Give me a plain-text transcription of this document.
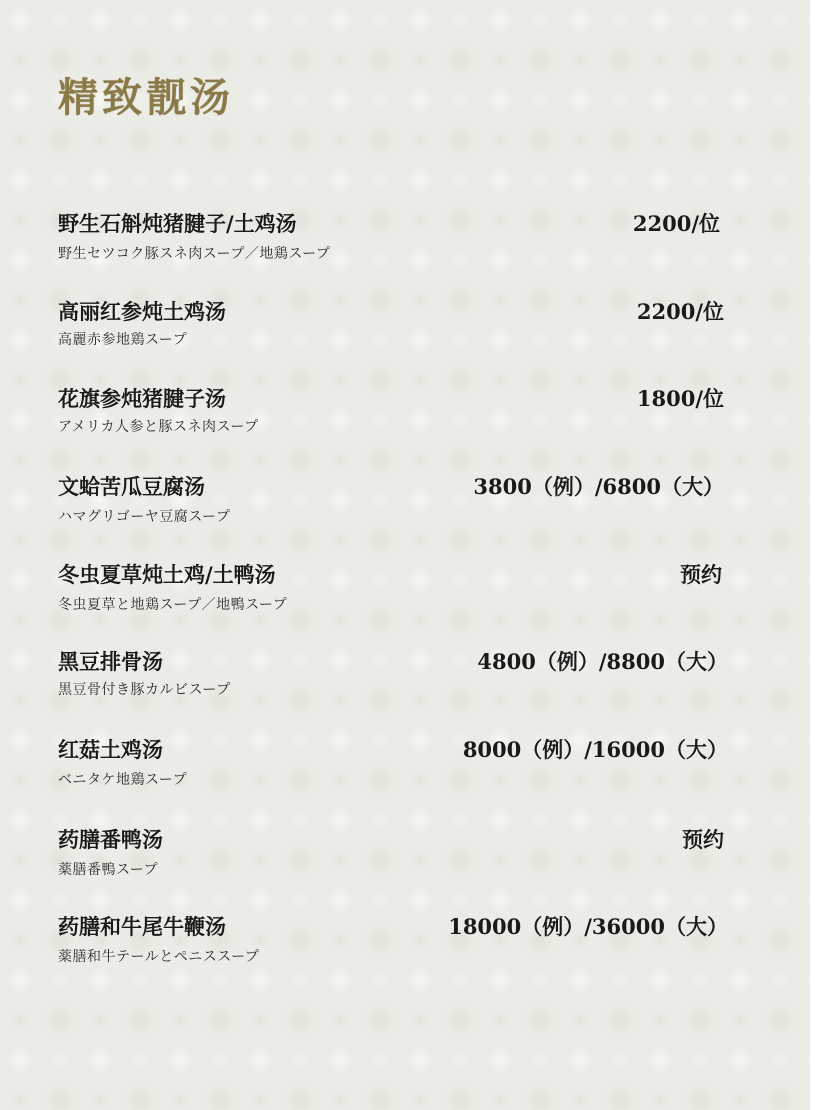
精致靓汤
野生石斛炖猪腱子/土鸡汤	2200/位
野生セツコク豚スネ肉スープ／地鶏スープ
高丽红参炖土鸡汤	2200/位
高麗赤参地鶏スープ
花旗参炖猪腱子汤	1800/位
アメリカ人参と豚スネ肉スープ
文蛤苦瓜豆腐汤	3800（例）/6800（大）
ハマグリゴーヤ豆腐スープ
冬虫夏草炖土鸡/土鸭汤	预约
冬虫夏草と地鶏スープ／地鴨スープ
黑豆排骨汤	4800（例）/8800（大）
黒豆骨付き豚カルビスープ
红菇土鸡汤	8000（例）/16000（大）
ベニタケ地鶏スープ
药膳番鸭汤	预约
薬膳番鴨スープ
药膳和牛尾牛鞭汤	18000（例）/36000（大）
薬膳和牛テールとペニススープ
